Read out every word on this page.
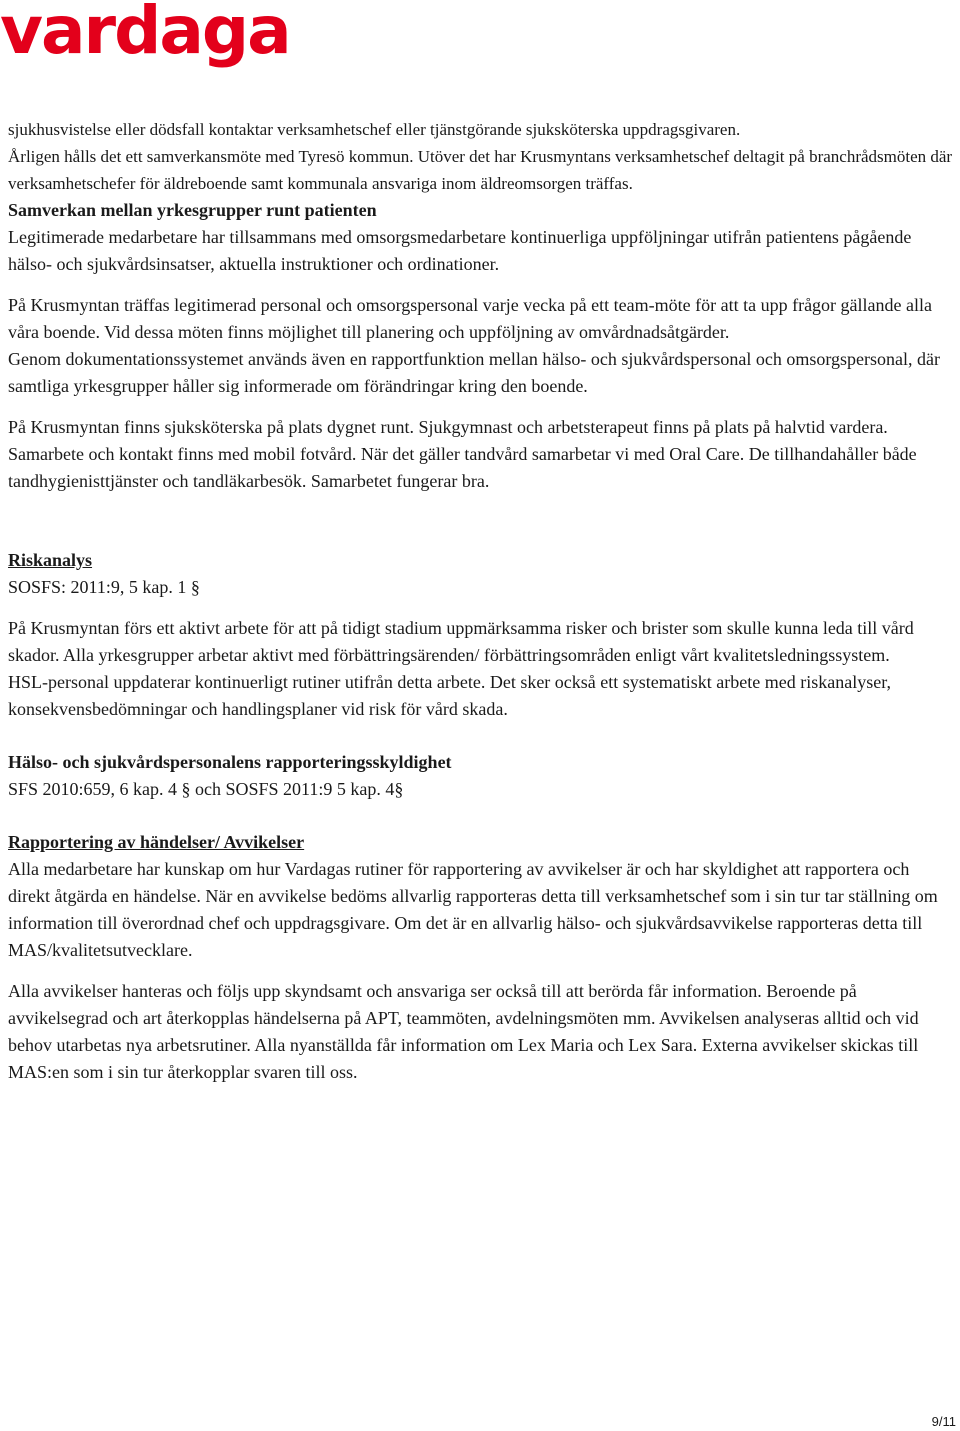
vardaga

sjukhusvistelse eller dödsfall kontaktar verksamhetschef eller tjänstgörande sjuksköterska uppdragsgivaren.

Årligen hålls det ett samverkansmöte med Tyresö kommun. Utöver det har Krusmyntans verksamhetschef deltagit på branchrådsmöten där verksamhetschefer för äldreboende samt kommunala ansvariga inom äldreomsorgen träffas.

Samverkan mellan yrkesgrupper runt patienten

Legitimerade medarbetare har tillsammans med omsorgsmedarbetare kontinuerliga uppföljningar utifrån patientens pågående hälso- och sjukvårdsinsatser, aktuella instruktioner och ordinationer.

På Krusmyntan träffas legitimerad personal och omsorgspersonal varje vecka på ett team-möte för att ta upp frågor gällande alla våra boende. Vid dessa möten finns möjlighet till planering och uppföljning av omvårdnadsåtgärder.

Genom dokumentationssystemet används även en rapportfunktion mellan hälso- och sjukvårdspersonal och omsorgspersonal, där samtliga yrkesgrupper håller sig informerade om förändringar kring den boende.

På Krusmyntan finns sjuksköterska på plats dygnet runt. Sjukgymnast och arbetsterapeut finns på plats på halvtid vardera. Samarbete och kontakt finns med mobil fotvård. När det gäller tandvård samarbetar vi med Oral Care. De tillhandahåller både tandhygienisttjänster och tandläkarbesök. Samarbetet fungerar bra.

Riskanalys

SOSFS: 2011:9, 5 kap. 1 §

På Krusmyntan förs ett aktivt arbete för att på tidigt stadium uppmärksamma risker och brister som skulle kunna leda till vård skador. Alla yrkesgrupper arbetar aktivt med förbättringsärenden/ förbättringsområden enligt vårt kvalitetsledningssystem.

HSL-personal uppdaterar kontinuerligt rutiner utifrån detta arbete. Det sker också ett systematiskt arbete med riskanalyser, konsekvensbedömningar och handlingsplaner vid risk för vård skada.

Hälso- och sjukvårdspersonalens rapporteringsskyldighet

SFS 2010:659, 6 kap. 4 § och SOSFS 2011:9 5 kap. 4§

Rapportering av händelser/ Avvikelser

Alla medarbetare har kunskap om hur Vardagas rutiner för rapportering av avvikelser är och har skyldighet att rapportera och direkt åtgärda en händelse. När en avvikelse bedöms allvarlig rapporteras detta till verksamhetschef som i sin tur tar ställning om information till överordnad chef och uppdragsgivare. Om det är en allvarlig hälso- och sjukvårdsavvikelse rapporteras detta till MAS/kvalitetsutvecklare.

Alla avvikelser hanteras och följs upp skyndsamt och ansvariga ser också till att berörda får information. Beroende på avvikelsegrad och art återkopplas händelserna på APT, teammöten, avdelningsmöten mm. Avvikelsen analyseras alltid och vid behov utarbetas nya arbetsrutiner. Alla nyanställda får information om Lex Maria och Lex Sara. Externa avvikelser skickas till MAS:en som i sin tur återkopplar svaren till oss.

9/11
